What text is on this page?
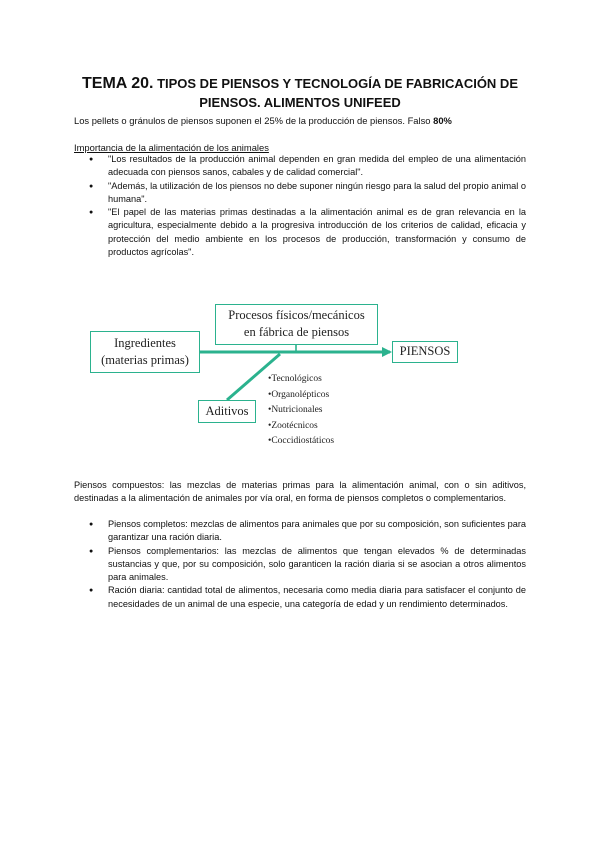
TEMA 20. TIPOS DE PIENSOS Y TECNOLOGÍA DE FABRICACIÓN DE PIENSOS. ALIMENTOS UNIFEED

Los pellets o gránulos de piensos suponen el 25% de la producción de piensos. Falso 80%

Importancia de la alimentación de los animales

● "Los resultados de la producción animal dependen en gran medida del empleo de una alimentación adecuada con piensos sanos, cabales y de calidad comercial".
● "Además, la utilización de los piensos no debe suponer ningún riesgo para la salud del propio animal o humana".
● "El papel de las materias primas destinadas a la alimentación animal es de gran relevancia en la agricultura, especialmente debido a la progresiva introducción de los criterios de calidad, eficacia y protección del medio ambiente en los procesos de producción, transformación y consumo de productos agrícolas".
Procesos físicos/mecánicos
en fábrica de piensos
Ingredientes
(materias primas)
PIENSOS
Aditivos
•Tecnológicos
•Organolépticos
•Nutricionales
•Zootécnicos
•Coccidiostáticos

Piensos compuestos: las mezclas de materias primas para la alimentación animal, con o sin aditivos, destinadas a la alimentación de animales por vía oral, en forma de piensos completos o complementarios.

● Piensos completos: mezclas de alimentos para animales que por su composición, son suficientes para garantizar una ración diaria.
● Piensos complementarios: las mezclas de alimentos que tengan elevados % de determinadas sustancias y que, por su composición, solo garanticen la ración diaria si se asocian a otros alimentos para animales.
● Ración diaria: cantidad total de alimentos, necesaria como media diaria para satisfacer el conjunto de necesidades de un animal de una especie, una categoría de edad y un rendimiento determinados.
